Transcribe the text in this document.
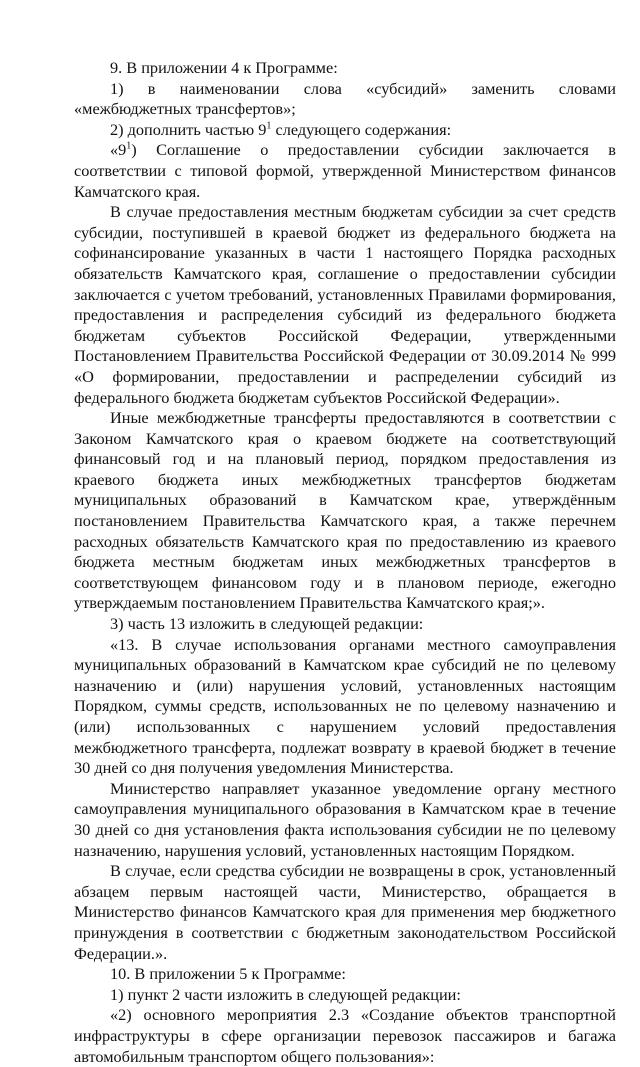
9. В приложении 4 к Программе:

1) в наименовании слова «субсидий» заменить словами «межбюджетных трансфертов»;

2) дополнить частью $9^1$ следующего содержания:

«$9^1$) Соглашение о предоставлении субсидии заключается в соответствии с типовой формой, утвержденной Министерством финансов Камчатского края.

В случае предоставления местным бюджетам субсидии за счет средств субсидии, поступившей в краевой бюджет из федерального бюджета на софинансирование указанных в части 1 настоящего Порядка расходных обязательств Камчатского края, соглашение о предоставлении субсидии заключается с учетом требований, установленных Правилами формирования, предоставления и распределения субсидий из федерального бюджета бюджетам субъектов Российской Федерации, утвержденными Постановлением Правительства Российской Федерации от 30.09.2014 № 999 «О формировании, предоставлении и распределении субсидий из федерального бюджета бюджетам субъектов Российской Федерации».

Иные межбюджетные трансферты предоставляются в соответствии с Законом Камчатского края о краевом бюджете на соответствующий финансовый год и на плановый период, порядком предоставления из краевого бюджета иных межбюджетных трансфертов бюджетам муниципальных образований в Камчатском крае, утверждённым постановлением Правительства Камчатского края, а также перечнем расходных обязательств Камчатского края по предоставлению из краевого бюджета местным бюджетам иных межбюджетных трансфертов в соответствующем финансовом году и в плановом периоде, ежегодно утверждаемым постановлением Правительства Камчатского края;».

3) часть 13 изложить в следующей редакции:

«13. В случае использования органами местного самоуправления муниципальных образований в Камчатском крае субсидий не по целевому назначению и (или) нарушения условий, установленных настоящим Порядком, суммы средств, использованных не по целевому назначению и (или) использованных с нарушением условий предоставления межбюджетного трансферта, подлежат возврату в краевой бюджет в течение 30 дней со дня получения уведомления Министерства.

Министерство направляет указанное уведомление органу местного самоуправления муниципального образования в Камчатском крае в течение 30 дней со дня установления факта использования субсидии не по целевому назначению, нарушения условий, установленных настоящим Порядком.

В случае, если средства субсидии не возвращены в срок, установленный абзацем первым настоящей части, Министерство, обращается в Министерство финансов Камчатского края для применения мер бюджетного принуждения в соответствии с бюджетным законодательством Российской Федерации.».

10. В приложении 5 к Программе:

1) пункт 2 части изложить в следующей редакции:

«2) основного мероприятия 2.3 «Создание объектов транспортной инфраструктуры в сфере организации перевозок пассажиров и багажа автомобильным транспортом общего пользования»:
